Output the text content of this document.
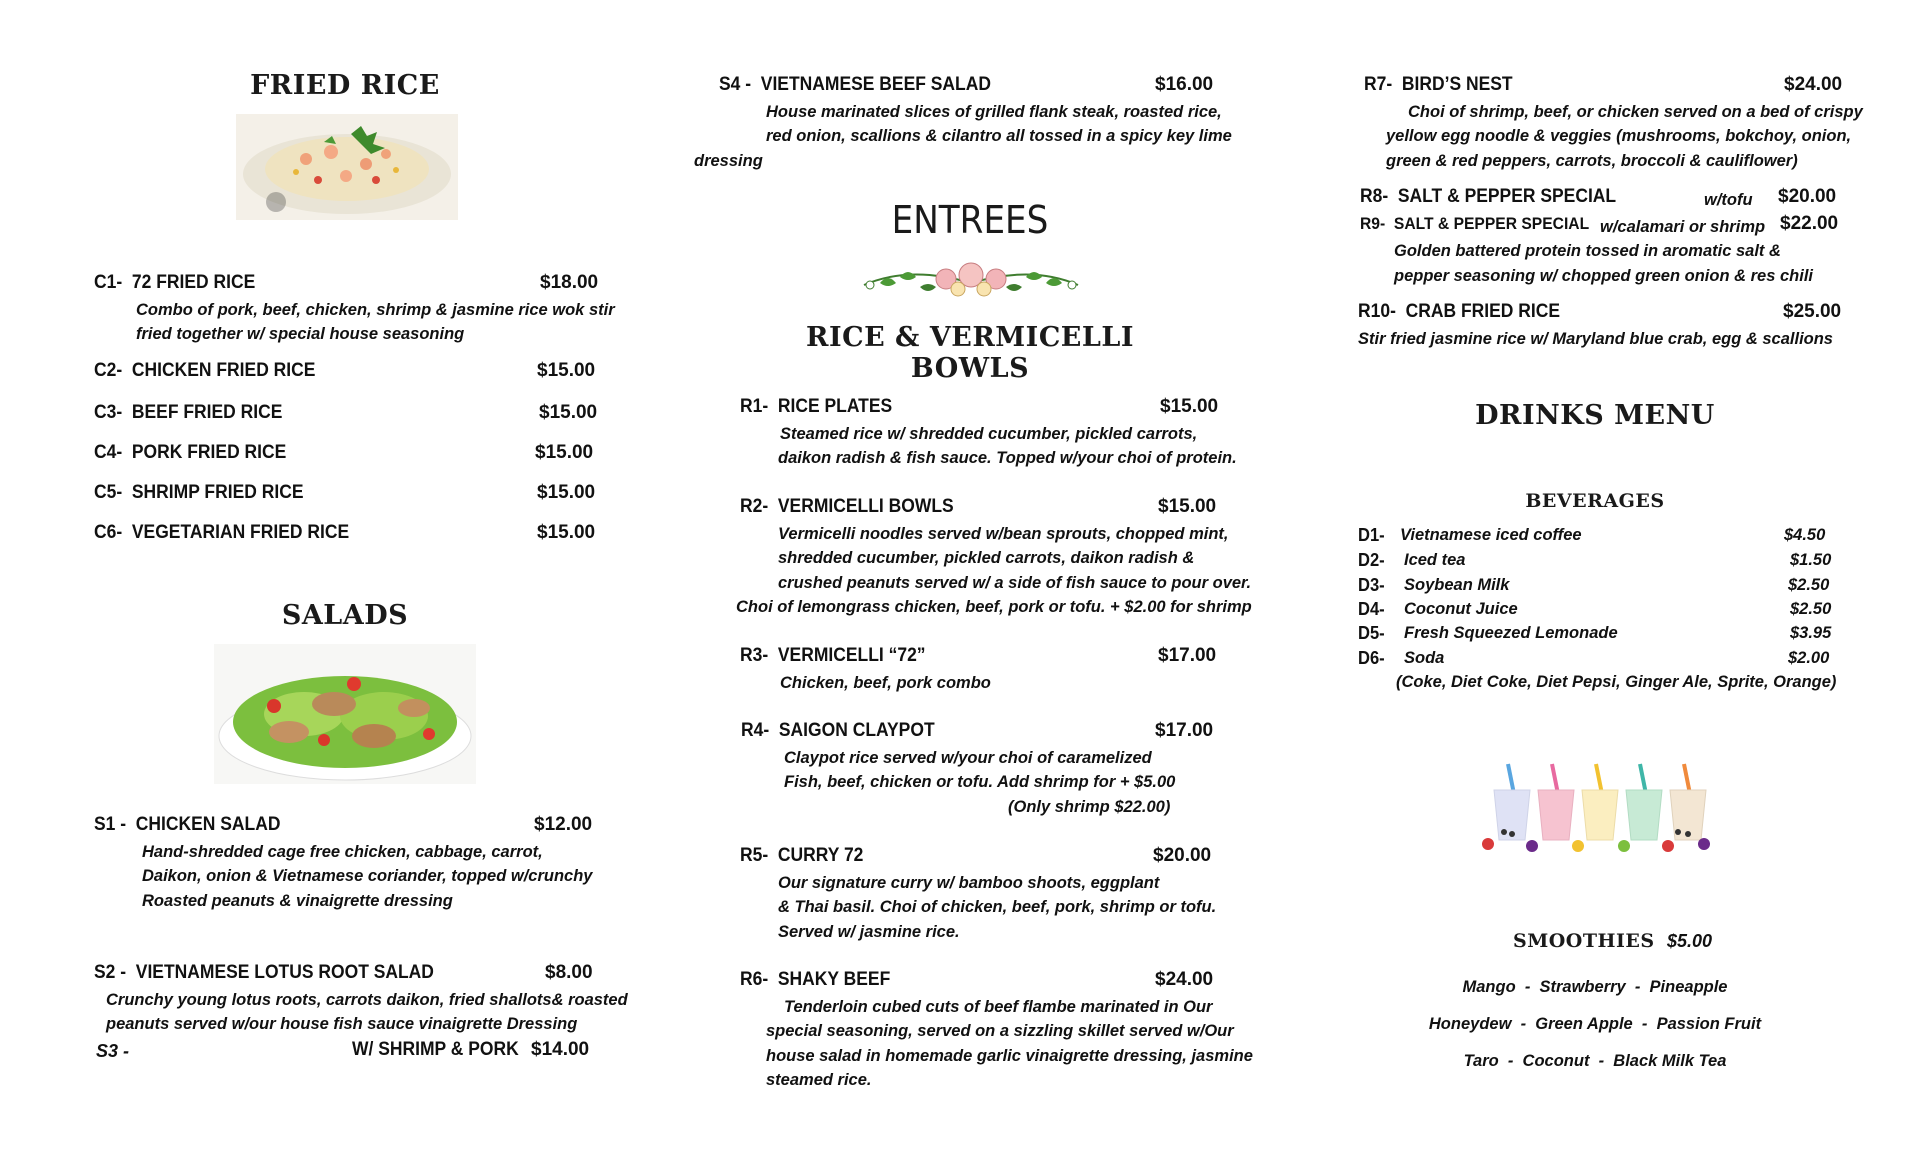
FRIED RICE
C1- 72 FRIED RICE	$18.00
Combo of pork, beef, chicken, shrimp & jasmine rice wok stir
fried together w/ special house seasoning
C2- CHICKEN FRIED RICE	$15.00
C3- BEEF FRIED RICE	$15.00
C4- PORK FRIED RICE	$15.00
C5- SHRIMP FRIED RICE	$15.00
C6- VEGETARIAN FRIED RICE	$15.00
SALADS
S1 - CHICKEN SALAD	$12.00
Hand-shredded cage free chicken, cabbage, carrot,
Daikon, onion & Vietnamese coriander, topped w/crunchy
Roasted peanuts & vinaigrette dressing
S2 - VIETNAMESE LOTUS ROOT SALAD	$8.00
Crunchy young lotus roots, carrots daikon, fried shallots& roasted
peanuts served w/our house fish sauce vinaigrette Dressing
S3 -	W/ SHRIMP & PORK $14.00
S4 - VIETNAMESE BEEF SALAD	$16.00
House marinated slices of grilled flank steak, roasted rice,
red onion, scallions & cilantro all tossed in a spicy key lime
dressing
ENTREES
RICE & VERMICELLI BOWLS
R1- RICE PLATES	$15.00
Steamed rice w/ shredded cucumber, pickled carrots,
daikon radish & fish sauce. Topped w/your choi of protein.
R2- VERMICELLI BOWLS	$15.00
Vermicelli noodles served w/bean sprouts, chopped mint,
shredded cucumber, pickled carrots, daikon radish &
crushed peanuts served w/ a side of fish sauce to pour over.
Choi of lemongrass chicken, beef, pork or tofu. + $2.00 for shrimp
R3- VERMICELLI “72”	$17.00
Chicken, beef, pork combo
R4- SAIGON CLAYPOT	$17.00
Claypot rice served w/your choi of caramelized
Fish, beef, chicken or tofu. Add shrimp for + $5.00
(Only shrimp $22.00)
R5- CURRY 72	$20.00
Our signature curry w/ bamboo shoots, eggplant
& Thai basil. Choi of chicken, beef, pork, shrimp or tofu.
Served w/ jasmine rice.
R6- SHAKY BEEF	$24.00
Tenderloin cubed cuts of beef flambe marinated in Our
special seasoning, served on a sizzling skillet served w/Our
house salad in homemade garlic vinaigrette dressing, jasmine
steamed rice.
R7- BIRD’S NEST	$24.00
Choi of shrimp, beef, or chicken served on a bed of crispy
yellow egg noodle & veggies (mushrooms, bokchoy, onion,
green & red peppers, carrots, broccoli & cauliflower)
R8- SALT & PEPPER SPECIAL	w/tofu $20.00
R9- SALT & PEPPER SPECIAL w/calamari or shrimp $22.00
Golden battered protein tossed in aromatic salt &
pepper seasoning w/ chopped green onion & res chili
R10- CRAB FRIED RICE	$25.00
Stir fried jasmine rice w/ Maryland blue crab, egg & scallions
DRINKS MENU
BEVERAGES
D1- Vietnamese iced coffee	$4.50
D2- Iced tea	$1.50
D3- Soybean Milk	$2.50
D4- Coconut Juice	$2.50
D5- Fresh Squeezed Lemonade	$3.95
D6- Soda	$2.00
(Coke, Diet Coke, Diet Pepsi, Ginger Ale, Sprite, Orange)
SMOOTHIES $5.00
Mango  -  Strawberry  -  Pineapple
Honeydew  -  Green Apple  -  Passion Fruit
Taro  -  Coconut  -  Black Milk Tea
